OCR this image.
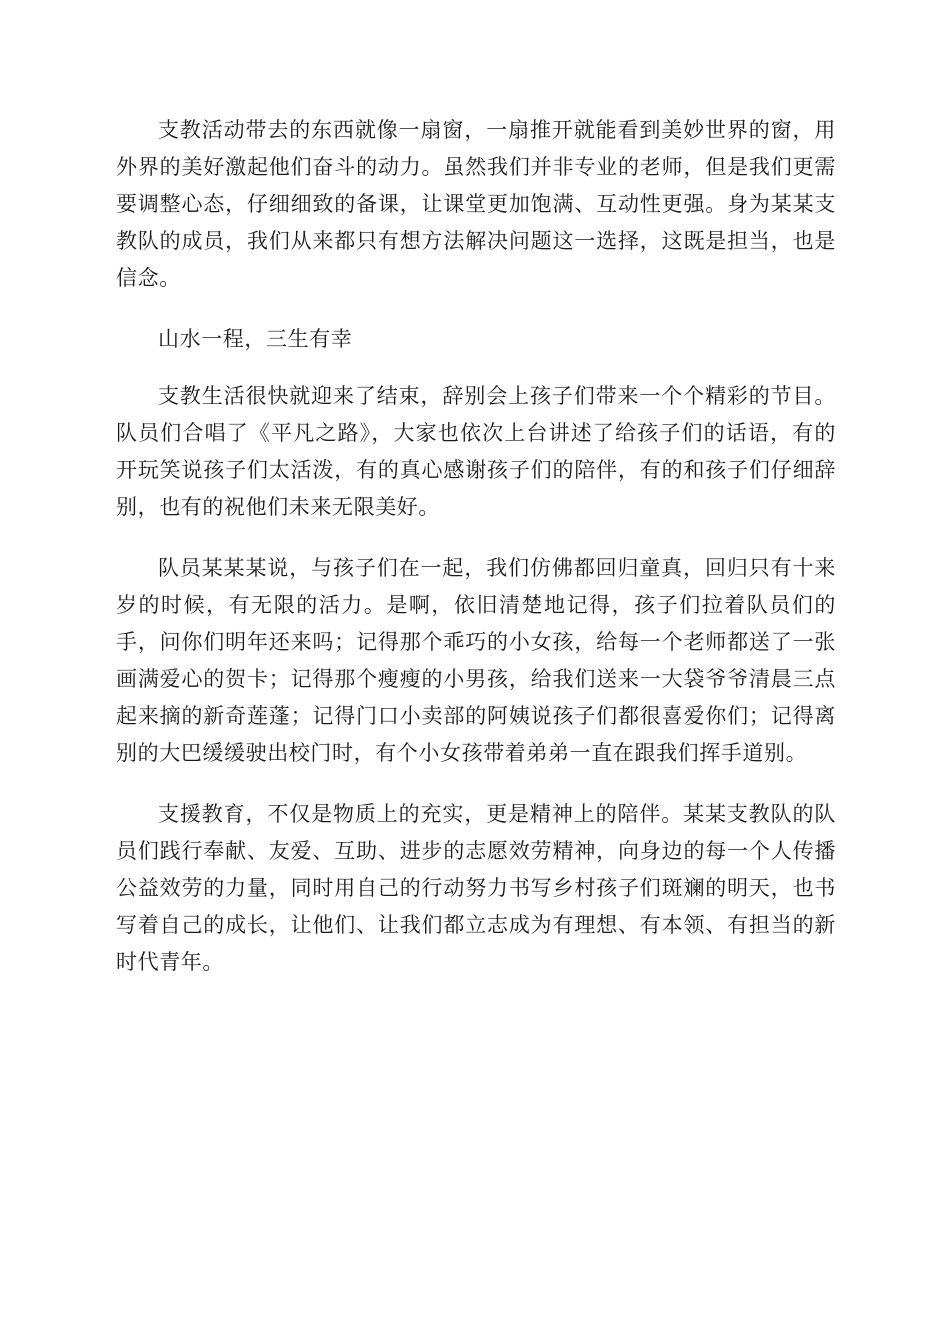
支教活动带去的东西就像一扇窗，一扇推开就能看到美妙世界的窗，用外界的美好激起他们奋斗的动力。虽然我们并非专业的老师，但是我们更需要调整心态，仔细细致的备课，让课堂更加饱满、互动性更强。身为某某支教队的成员，我们从来都只有想方法解决问题这一选择，这既是担当，也是信念。

山水一程，三生有幸

支教生活很快就迎来了结束，辞别会上孩子们带来一个个精彩的节目。队员们合唱了《平凡之路》，大家也依次上台讲述了给孩子们的话语，有的开玩笑说孩子们太活泼，有的真心感谢孩子们的陪伴，有的和孩子们仔细辞别，也有的祝他们未来无限美好。

队员某某某说，与孩子们在一起，我们仿佛都回归童真，回归只有十来岁的时候，有无限的活力。是啊，依旧清楚地记得，孩子们拉着队员们的手，问你们明年还来吗；记得那个乖巧的小女孩，给每一个老师都送了一张画满爱心的贺卡；记得那个瘦瘦的小男孩，给我们送来一大袋爷爷清晨三点起来摘的新奇莲蓬；记得门口小卖部的阿姨说孩子们都很喜爱你们；记得离别的大巴缓缓驶出校门时，有个小女孩带着弟弟一直在跟我们挥手道别。

支援教育，不仅是物质上的充实，更是精神上的陪伴。某某支教队的队员们践行奉献、友爱、互助、进步的志愿效劳精神，向身边的每一个人传播公益效劳的力量，同时用自己的行动努力书写乡村孩子们斑斓的明天，也书写着自己的成长，让他们、让我们都立志成为有理想、有本领、有担当的新时代青年。
